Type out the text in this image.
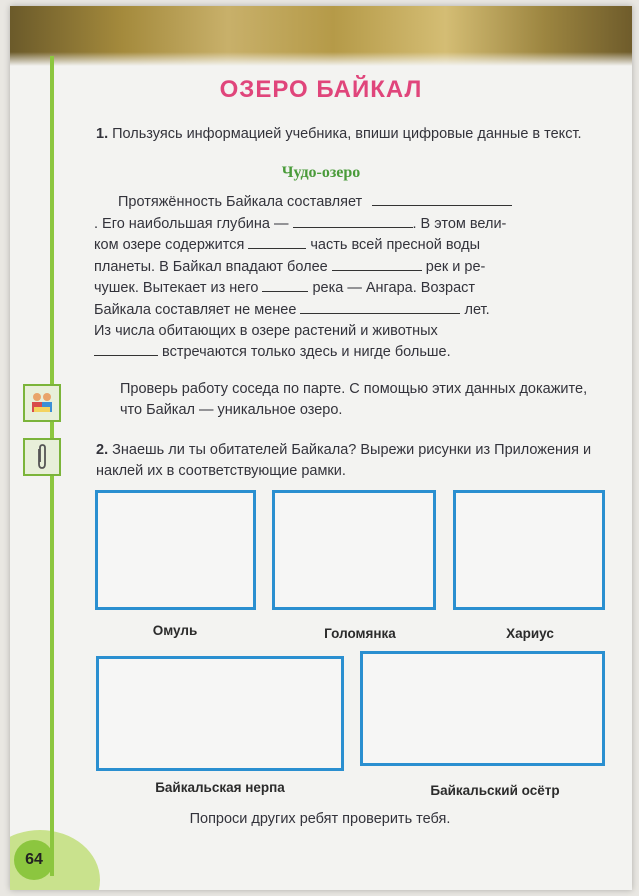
ОЗЕРО БАЙКАЛ
1. Пользуясь информацией учебника, впиши цифровые данные в текст.
Чудо-озеро
Протяжённость Байкала составляет
. Его наибольшая глубина —	. В этом вели-
ком озере содержится	часть всей пресной воды
планеты. В Байкал впадают более	рек и ре-
чушек. Вытекает из него	река — Ангара. Возраст
Байкала составляет не менее	лет.
Из числа обитающих в озере растений и животных
встречаются только здесь и нигде больше.
Проверь работу соседа по парте. С помощью этих данных докажите, что Байкал — уникальное озеро.
2. Знаешь ли ты обитателей Байкала? Вырежи рисунки из Приложения и наклей их в соответствующие рамки.
Омуль	Голомянка	Хариус
Байкальская нерпа	Байкальский осётр
Попроси других ребят проверить тебя.
64
